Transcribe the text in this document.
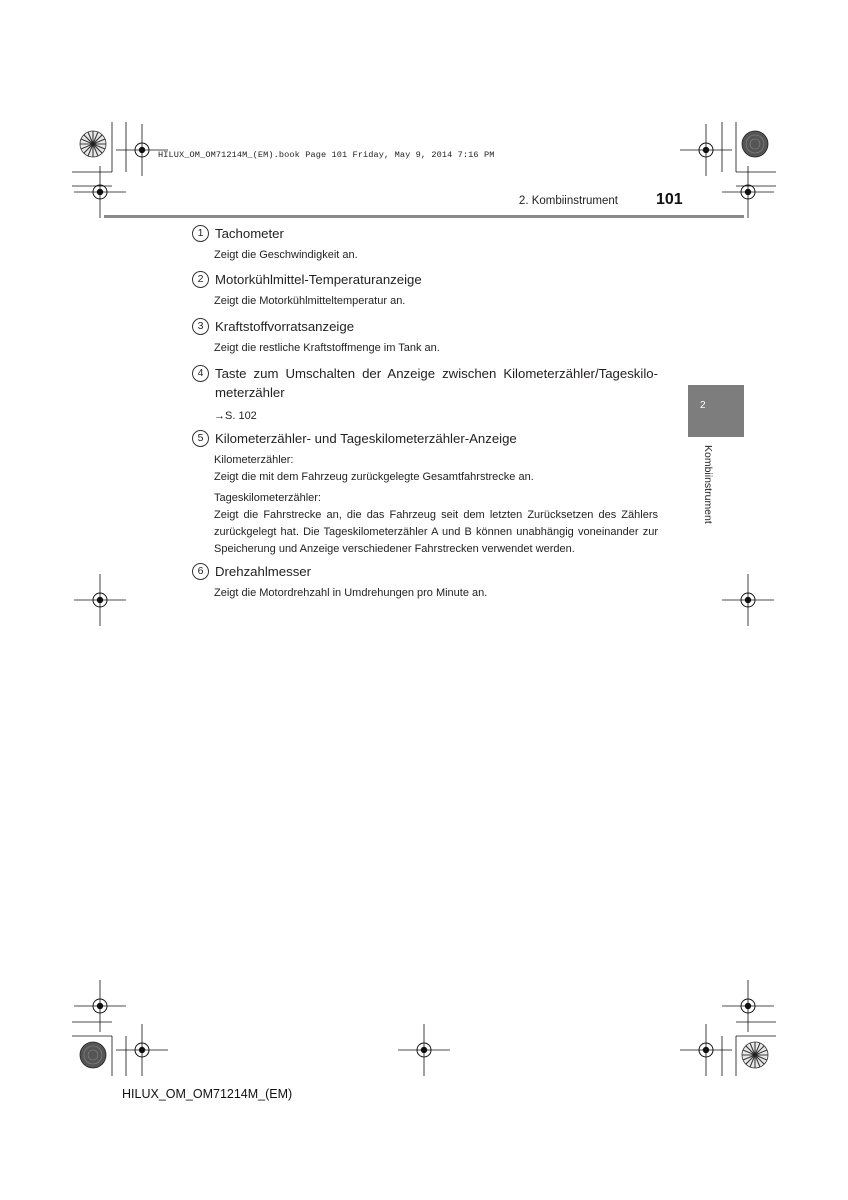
HILUX_OM_OM71214M_(EM).book Page 101 Friday, May 9, 2014 7:16 PM
2. Kombiinstrument 101
2
Kombiinstrument
1 Tachometer
Zeigt die Geschwindigkeit an.
2 Motorkühlmittel-Temperaturanzeige
Zeigt die Motorkühlmitteltemperatur an.
3 Kraftstoffvorratsanzeige
Zeigt die restliche Kraftstoffmenge im Tank an.
4 Taste zum Umschalten der Anzeige zwischen Kilometerzähler/Tageskilometerzähler
→S. 102
5 Kilometerzähler- und Tageskilometerzähler-Anzeige
Kilometerzähler:
Zeigt die mit dem Fahrzeug zurückgelegte Gesamtfahrstrecke an.
Tageskilometerzähler:
Zeigt die Fahrstrecke an, die das Fahrzeug seit dem letzten Zurücksetzen des Zählers zurückgelegt hat. Die Tageskilometerzähler A und B können unabhängig voneinander zur Speicherung und Anzeige verschiedener Fahrstrecken verwendet werden.
6 Drehzahlmesser
Zeigt die Motordrehzahl in Umdrehungen pro Minute an.
HILUX_OM_OM71214M_(EM)
